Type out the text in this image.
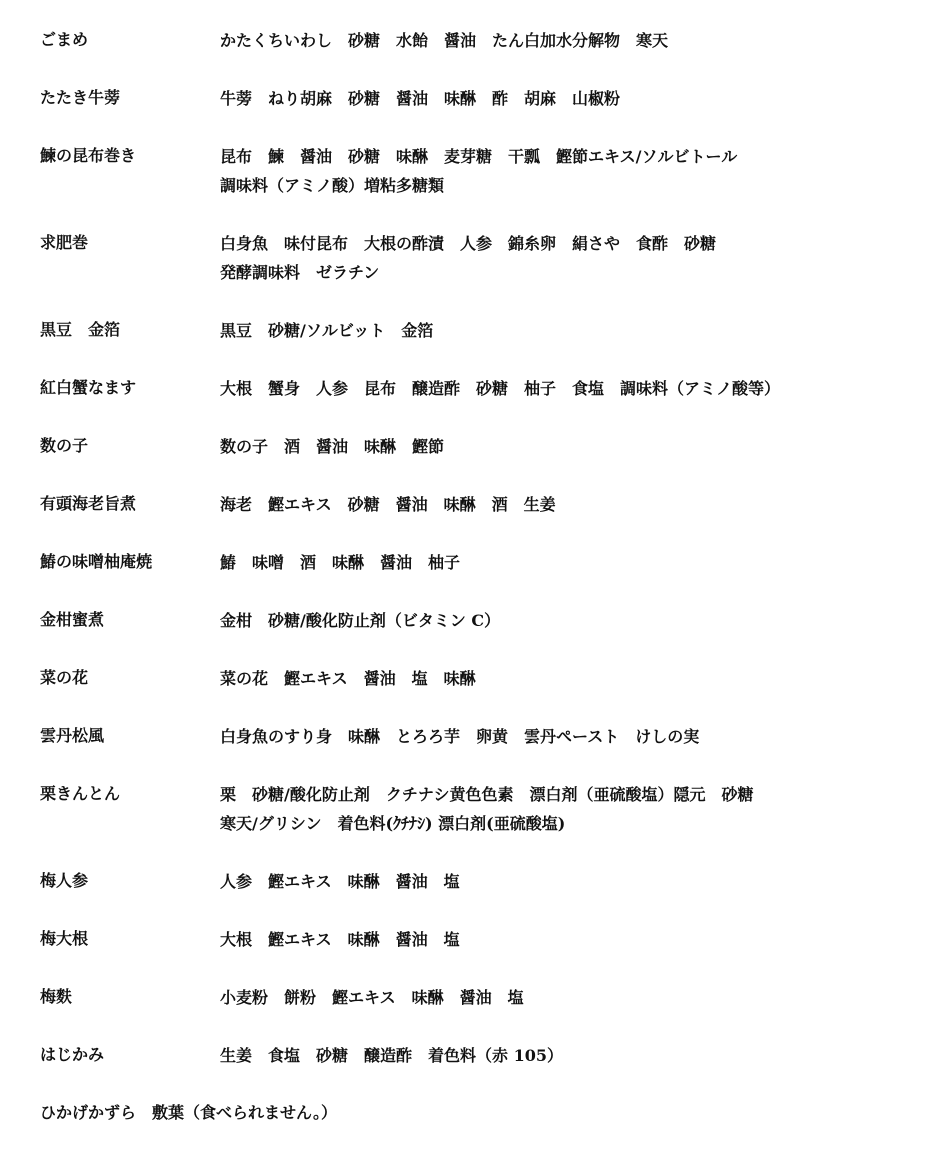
ごまめ	かたくちいわし　砂糖　水飴　醤油　たん白加水分解物　寒天
たたき牛蒡	牛蒡　ねり胡麻　砂糖　醤油　味醂　酢　胡麻　山椒粉
鰊の昆布巻き	昆布　鰊　醤油　砂糖　味醂　麦芽糖　干瓢　鰹節エキス/ソルビトール
調味料（アミノ酸）増粘多糖類
求肥巻	白身魚　味付昆布　大根の酢漬　人参　錦糸卵　絹さや　食酢　砂糖
発酵調味料　ゼラチン
黒豆　金箔	黒豆　砂糖/ソルビット　金箔
紅白蟹なます	大根　蟹身　人参　昆布　醸造酢　砂糖　柚子　食塩　調味料（アミノ酸等）
数の子	数の子　酒　醤油　味醂　鰹節
有頭海老旨煮	海老　鰹エキス　砂糖　醤油　味醂　酒　生姜
鰆の味噌柚庵焼	鰆　味噌　酒　味醂　醤油　柚子
金柑蜜煮	金柑　砂糖/酸化防止剤（ビタミン C）
菜の花	菜の花　鰹エキス　醤油　塩　味醂
雲丹松風	白身魚のすり身　味醂　とろろ芋　卵黄　雲丹ペースト　けしの実
栗きんとん	栗　砂糖/酸化防止剤　クチナシ黄色色素　漂白剤（亜硫酸塩）隠元　砂糖
寒天/グリシン　着色料(ｸﾁﾅｼ) 漂白剤(亜硫酸塩)
梅人参	人参　鰹エキス　味醂　醤油　塩
梅大根	大根　鰹エキス　味醂　醤油　塩
梅麩	小麦粉　餅粉　鰹エキス　味醂　醤油　塩
はじかみ	生姜　食塩　砂糖　醸造酢　着色料（赤 105）
ひかげかずら　敷葉（食べられません。）
